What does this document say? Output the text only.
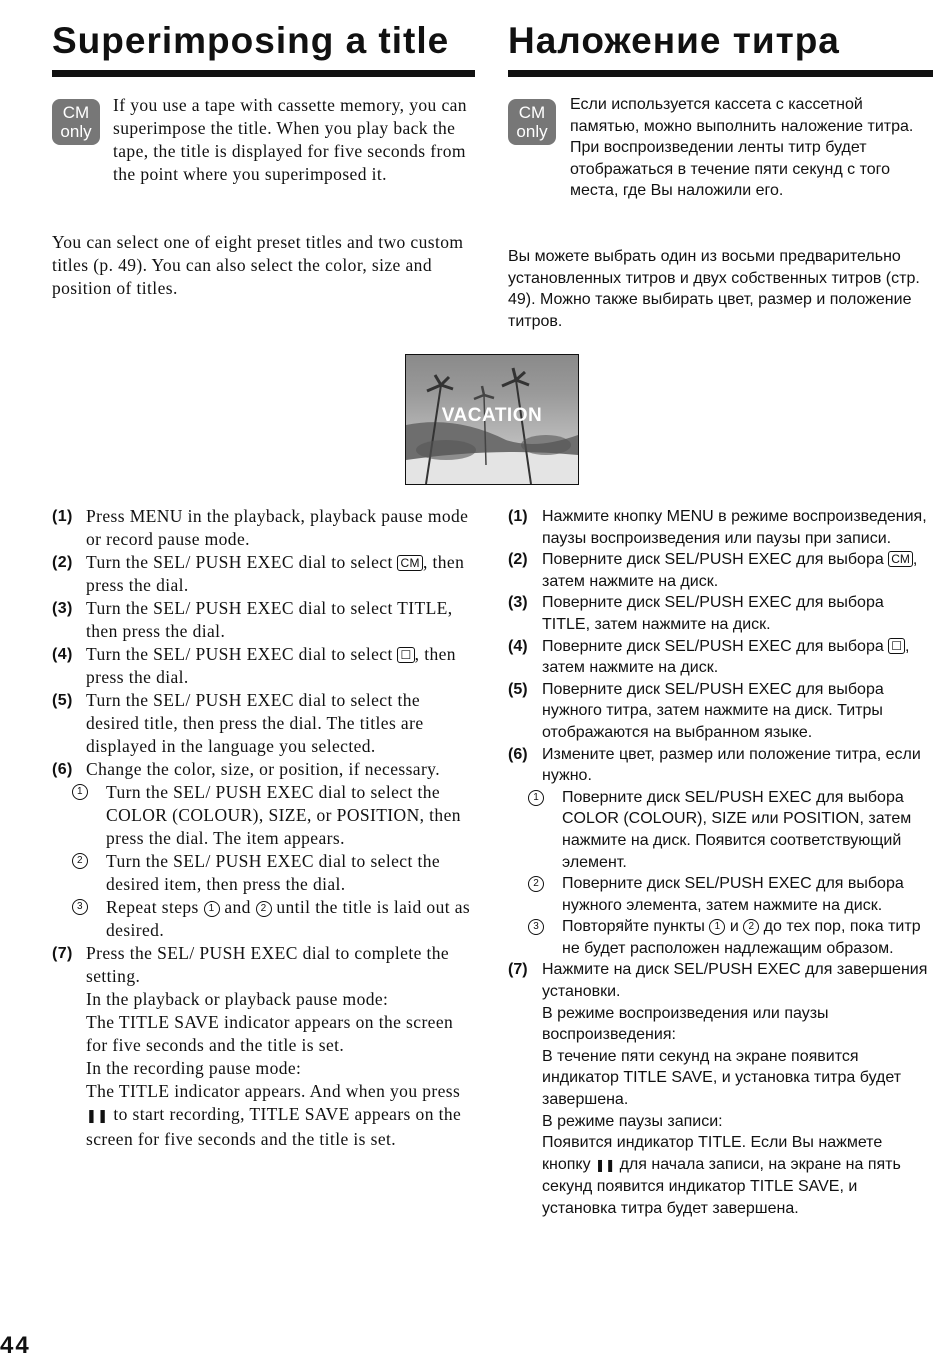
Superimposing a title
CM
only

If you use a tape with cassette memory, you can superimpose the title. When you play back the tape, the title is displayed for five seconds from the point where you superimposed it.

You can select one of eight preset titles and two custom titles (p. 49). You can also select the color, size and position of titles.

(1) Press MENU in the playback, playback pause mode or record pause mode.
(2) Turn the SEL/ PUSH EXEC dial to select CM , then press the dial.
(3) Turn the SEL/ PUSH EXEC dial to select TITLE, then press the dial.
(4) Turn the SEL/ PUSH EXEC dial to select ☐ , then press the dial.
(5) Turn the SEL/ PUSH EXEC dial to select the desired title, then press the dial. The titles are displayed in the language you selected.
(6) Change the color, size, or position, if necessary.
1 Turn the SEL/ PUSH EXEC dial to select the COLOR (COLOUR), SIZE, or POSITION, then press the dial. The item appears.
2 Turn the SEL/ PUSH EXEC dial to select the desired item, then press the dial.
3 Repeat steps 1 and 2 until the title is laid out as desired.
(7) Press the SEL/ PUSH EXEC dial to complete the setting.
In the playback or playback pause mode:
The TITLE SAVE indicator appears on the screen for five seconds and the title is set.
In the recording pause mode:
The TITLE indicator appears. And when you press ❚❚ to start recording, TITLE SAVE appears on the screen for five seconds and the title is set.
VACATION
Наложение титра
CM
only

Если используется кассета с кассетной памятью, можно выполнить наложение титра. При воспроизведении ленты титр будет отображаться в течение пяти секунд с того места, где Вы наложили его.

Вы можете выбрать один из восьми предварительно установленных титров и двух собственных титров (стр. 49). Можно также выбирать цвет, размер и положение титров.

(1) Нажмите кнопку MENU в режиме воспроизведения, паузы воспроизведения или паузы при записи.
(2) Поверните диск SEL/PUSH EXEC для выбора CM , затем нажмите на диск.
(3) Поверните диск SEL/PUSH EXEC для выбора TITLE, затем нажмите на диск.
(4) Поверните диск SEL/PUSH EXEC для выбора ☐ , затем нажмите на диск.
(5) Поверните диск SEL/PUSH EXEC для выбора нужного титра, затем нажмите на диск. Титры отображаются на выбранном языке.
(6) Измените цвет, размер или положение титра, если нужно.
1	Поверните диск SEL/PUSH EXEC для выбора COLOR (COLOUR), SIZE или POSITION, затем нажмите на диск. Появится соответствующий элемент.
2	Поверните диск SEL/PUSH EXEC для выбора нужного элемента, затем нажмите на диск.
3	Повторяйте пункты 1 и 2 до тех пор, пока титр не будет расположен надлежащим образом.
(7) Нажмите на диск SEL/PUSH EXEC для завершения установки.
В режиме воспроизведения или паузы воспроизведения:
В течение пяти секунд на экране появится индикатор TITLE SAVE, и установка титра будет завершена.
В режиме паузы записи:
Появится индикатор TITLE. Если Вы нажмете кнопку ❚❚ для начала записи, на экране на пять секунд появится индикатор TITLE SAVE, и установка титра будет завершена.
44
